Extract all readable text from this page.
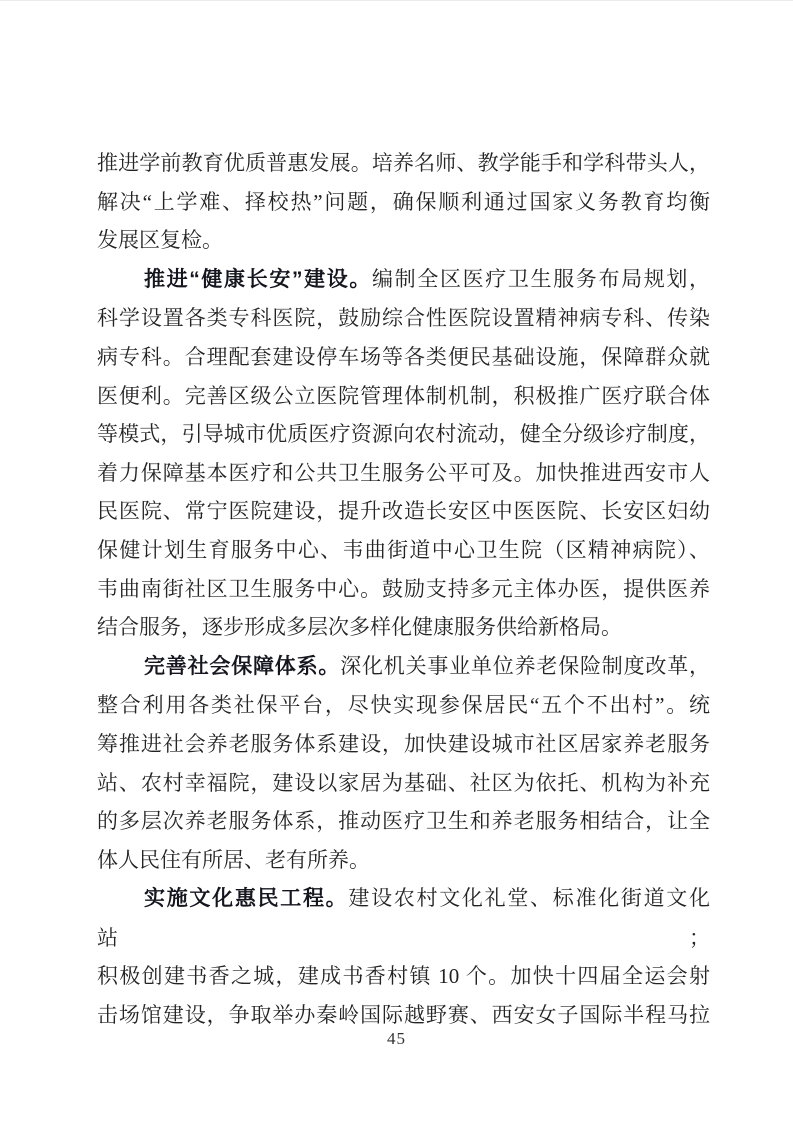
推进学前教育优质普惠发展。培养名师、教学能手和学科带头人，
解决“上学难、择校热”问题，确保顺利通过国家义务教育均衡
发展区复检。
推进“健康长安”建设。编制全区医疗卫生服务布局规划，
科学设置各类专科医院，鼓励综合性医院设置精神病专科、传染
病专科。合理配套建设停车场等各类便民基础设施，保障群众就
医便利。完善区级公立医院管理体制机制，积极推广医疗联合体
等模式，引导城市优质医疗资源向农村流动，健全分级诊疗制度，
着力保障基本医疗和公共卫生服务公平可及。加快推进西安市人
民医院、常宁医院建设，提升改造长安区中医医院、长安区妇幼
保健计划生育服务中心、韦曲街道中心卫生院（区精神病院）、
韦曲南街社区卫生服务中心。鼓励支持多元主体办医，提供医养
结合服务，逐步形成多层次多样化健康服务供给新格局。
完善社会保障体系。深化机关事业单位养老保险制度改革，
整合利用各类社保平台，尽快实现参保居民“五个不出村”。统
筹推进社会养老服务体系建设，加快建设城市社区居家养老服务
站、农村幸福院，建设以家居为基础、社区为依托、机构为补充
的多层次养老服务体系，推动医疗卫生和养老服务相结合，让全
体人民住有所居、老有所养。
实施文化惠民工程。建设农村文化礼堂、标准化街道文化站；
积极创建书香之城，建成书香村镇 10 个。加快十四届全运会射
击场馆建设，争取举办秦岭国际越野赛、西安女子国际半程马拉
45
